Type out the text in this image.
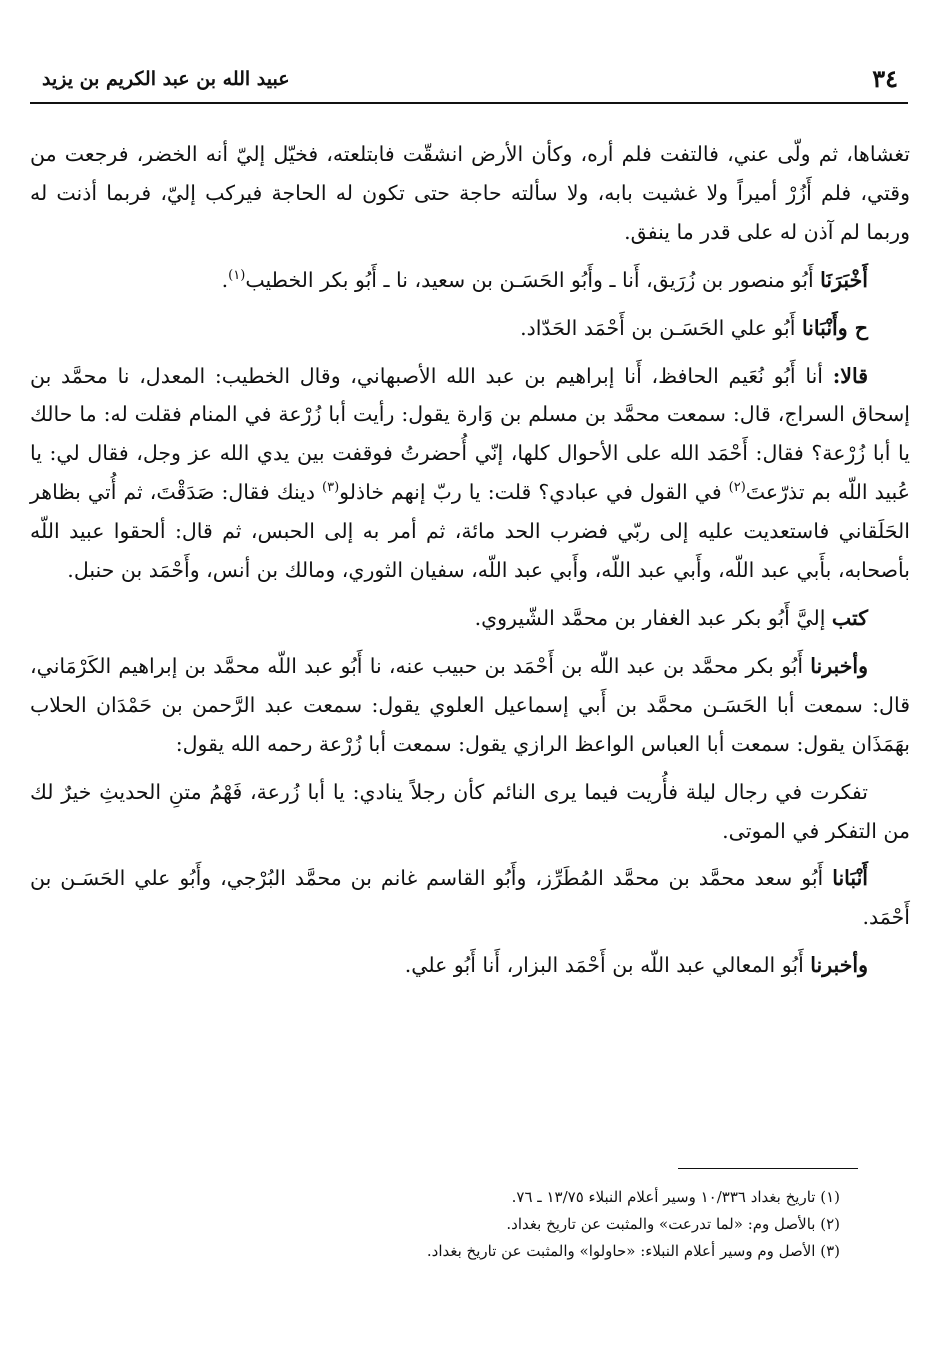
٣٤
عبيد الله بن عبد الكريم بن يزيد

تغشاها، ثم ولّى عني، فالتفت فلم أره، وكأن الأرض انشقّت فابتلعته، فخيّل إليّ أنه الخضر، فرجعت من وقتي، فلم أَزُرْ أميراً ولا غشيت بابه، ولا سألته حاجة حتى تكون له الحاجة فيركب إليّ، فربما أذنت له وربما لم آذن له على قدر ما ينفق.

أَخْبَرَنَا أَبُو منصور بن زُرَيق، أَنا ـ وأَبُو الحَسَـن بن سعيد، نا ـ أَبُو بكر الخطيب$^{(١)}$.

ح وأَنْبَانا أَبُو علي الحَسَـن بن أَحْمَد الحَدّاد.

قالا: أنا أَبُو نُعَيم الحافظ، أَنا إبراهيم بن عبد الله الأصبهاني، وقال الخطيب: المعدل، نا محمَّد بن إسحاق السراج، قال: سمعت محمَّد بن مسلم بن وَارة يقول: رأيت أبا زُرْعة في المنام فقلت له: ما حالك يا أبا زُرْعة؟ فقال: أَحْمَد الله على الأحوال كلها، إنّي أُحضرتُ فوقفت بين يدي الله عز وجل، فقال لي: يا عُبيد اللّه بم تذرّعتَ$^{(٢)}$ في القول في عبادي؟ قلت: يا ربّ إنهم خاذلو$^{(٣)}$ دينك فقال: صَدَقْتَ، ثم أُتي بظاهر الحَلَقاني فاستعديت عليه إلى ربّي فضرب الحد مائة، ثم أمر به إلى الحبس، ثم قال: ألحقوا عبيد اللّه بأصحابه، بأَبي عبد اللّه، وأَبي عبد اللّه، وأَبي عبد اللّه، سفيان الثوري، ومالك بن أنس، وأَحْمَد بن حنبل.

كتب إليَّ أَبُو بكر عبد الغفار بن محمَّد الشّيروي.

وأخبرنا أَبُو بكر محمَّد بن عبد اللّه بن أَحْمَد بن حبيب عنه، نا أَبُو عبد اللّه محمَّد بن إبراهيم الكَرْمَاني، قال: سمعت أبا الحَسَـن محمَّد بن أَبي إسماعيل العلوي يقول: سمعت عبد الرَّحمن بن حَمْدَان الحلاب بهَمَذَان يقول: سمعت أبا العباس الواعظ الرازي يقول: سمعت أبا زُرْعة رحمه الله يقول:

تفكرت في رجال ليلة فأُريت فيما يرى النائم كأن رجلاً ينادي: يا أبا زُرعة، فَهْمُ متنِ الحديثِ خيرٌ لك من التفكر في الموتى.

أَنْبَانا أَبُو سعد محمَّد بن محمَّد المُطَرِّز، وأَبُو القاسم غانم بن محمَّد البُرْجي، وأَبُو علي الحَسَـن بن أَحْمَد.

وأخبرنا أَبُو المعالي عبد اللّه بن أَحْمَد البزار، أَنا أَبُو علي.

(١) تاريخ بغداد ١٠/٣٣٦ وسير أعلام النبلاء ١٣/٧٥ ـ ٧٦.
(٢) بالأصل وم: «لما تدرعت» والمثبت عن تاريخ بغداد.
(٣) الأصل وم وسير أعلام النبلاء: «حاولوا» والمثبت عن تاريخ بغداد.
